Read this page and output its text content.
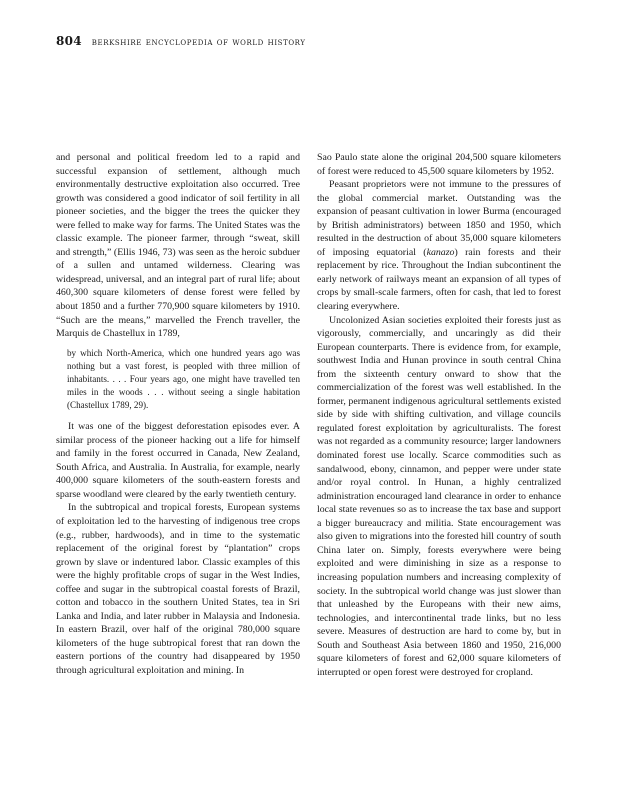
804 berkshire encyclopedia of world history

and personal and political freedom led to a rapid and successful expansion of settlement, although much environmentally destructive exploitation also occurred. Tree growth was considered a good indicator of soil fertility in all pioneer societies, and the bigger the trees the quicker they were felled to make way for farms. The United States was the classic example. The pioneer farmer, through “sweat, skill and strength,” (Ellis 1946, 73) was seen as the heroic subduer of a sullen and untamed wilderness. Clearing was widespread, universal, and an integral part of rural life; about 460,300 square kilometers of dense forest were felled by about 1850 and a further 770,900 square kilometers by 1910. “Such are the means,” marvelled the French traveller, the Marquis de Chastellux in 1789,

by which North-America, which one hundred years ago was nothing but a vast forest, is peopled with three million of inhabitants. . . . Four years ago, one might have travelled ten miles in the woods . . . without seeing a single habitation (Chastellux 1789, 29).

It was one of the biggest deforestation episodes ever. A similar process of the pioneer hacking out a life for himself and family in the forest occurred in Canada, New Zealand, South Africa, and Australia. In Australia, for example, nearly 400,000 square kilometers of the south-eastern forests and sparse woodland were cleared by the early twentieth century.

In the subtropical and tropical forests, European systems of exploitation led to the harvesting of indigenous tree crops (e.g., rubber, hardwoods), and in time to the systematic replacement of the original forest by “plantation” crops grown by slave or indentured labor. Classic examples of this were the highly profitable crops of sugar in the West Indies, coffee and sugar in the subtropical coastal forests of Brazil, cotton and tobacco in the southern United States, tea in Sri Lanka and India, and later rubber in Malaysia and Indonesia. In eastern Brazil, over half of the original 780,000 square kilometers of the huge subtropical forest that ran down the eastern portions of the country had disappeared by 1950 through agricultural exploitation and mining. In

Sao Paulo state alone the original 204,500 square kilometers of forest were reduced to 45,500 square kilometers by 1952.

Peasant proprietors were not immune to the pressures of the global commercial market. Outstanding was the expansion of peasant cultivation in lower Burma (encouraged by British administrators) between 1850 and 1950, which resulted in the destruction of about 35,000 square kilometers of imposing equatorial (kanazo) rain forests and their replacement by rice. Throughout the Indian subcontinent the early network of railways meant an expansion of all types of crops by small-scale farmers, often for cash, that led to forest clearing everywhere.

Uncolonized Asian societies exploited their forests just as vigorously, commercially, and uncaringly as did their European counterparts. There is evidence from, for example, southwest India and Hunan province in south central China from the sixteenth century onward to show that the commercialization of the forest was well established. In the former, permanent indigenous agricultural settlements existed side by side with shifting cultivation, and village councils regulated forest exploitation by agriculturalists. The forest was not regarded as a community resource; larger landowners dominated forest use locally. Scarce commodities such as sandalwood, ebony, cinnamon, and pepper were under state and/or royal control. In Hunan, a highly centralized administration encouraged land clearance in order to enhance local state revenues so as to increase the tax base and support a bigger bureaucracy and militia. State encouragement was also given to migrations into the forested hill country of south China later on. Simply, forests everywhere were being exploited and were diminishing in size as a response to increasing population numbers and increasing complexity of society. In the subtropical world change was just slower than that unleashed by the Europeans with their new aims, technologies, and intercontinental trade links, but no less severe. Measures of destruction are hard to come by, but in South and Southeast Asia between 1860 and 1950, 216,000 square kilometers of forest and 62,000 square kilometers of interrupted or open forest were destroyed for cropland.
